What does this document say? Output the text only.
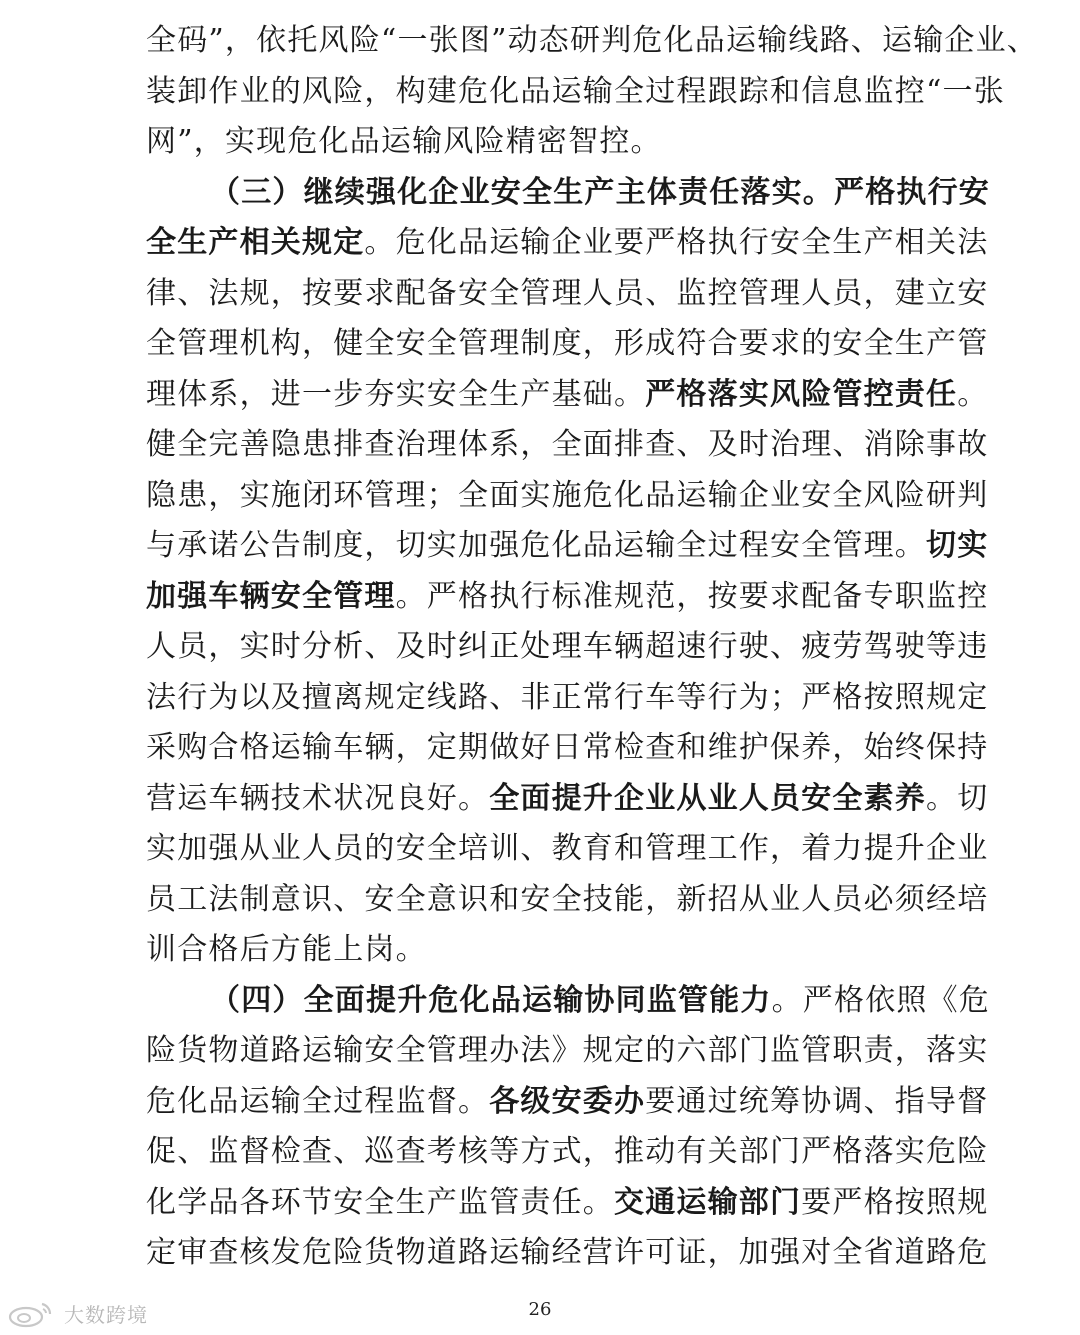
全码”，依托风险“一张图”动态研判危化品运输线路、运输企业、
装卸作业的风险，构建危化品运输全过程跟踪和信息监控“一张
网”，实现危化品运输风险精密智控。
（三）继续强化企业安全生产主体责任落实。严格执行安
全生产相关规定。危化品运输企业要严格执行安全生产相关法
律、法规，按要求配备安全管理人员、监控管理人员，建立安
全管理机构，健全安全管理制度，形成符合要求的安全生产管
理体系，进一步夯实安全生产基础。严格落实风险管控责任。
健全完善隐患排查治理体系，全面排查、及时治理、消除事故
隐患，实施闭环管理；全面实施危化品运输企业安全风险研判
与承诺公告制度，切实加强危化品运输全过程安全管理。切实
加强车辆安全管理。严格执行标准规范，按要求配备专职监控
人员，实时分析、及时纠正处理车辆超速行驶、疲劳驾驶等违
法行为以及擅离规定线路、非正常行车等行为；严格按照规定
采购合格运输车辆，定期做好日常检查和维护保养，始终保持
营运车辆技术状况良好。全面提升企业从业人员安全素养。切
实加强从业人员的安全培训、教育和管理工作，着力提升企业
员工法制意识、安全意识和安全技能，新招从业人员必须经培
训合格后方能上岗。
（四）全面提升危化品运输协同监管能力。严格依照《危
险货物道路运输安全管理办法》规定的六部门监管职责，落实
危化品运输全过程监督。各级安委办要通过统筹协调、指导督
促、监督检查、巡查考核等方式，推动有关部门严格落实危险
化学品各环节安全生产监管责任。交通运输部门要严格按照规
定审查核发危险货物道路运输经营许可证，加强对全省道路危
26
大数跨境
